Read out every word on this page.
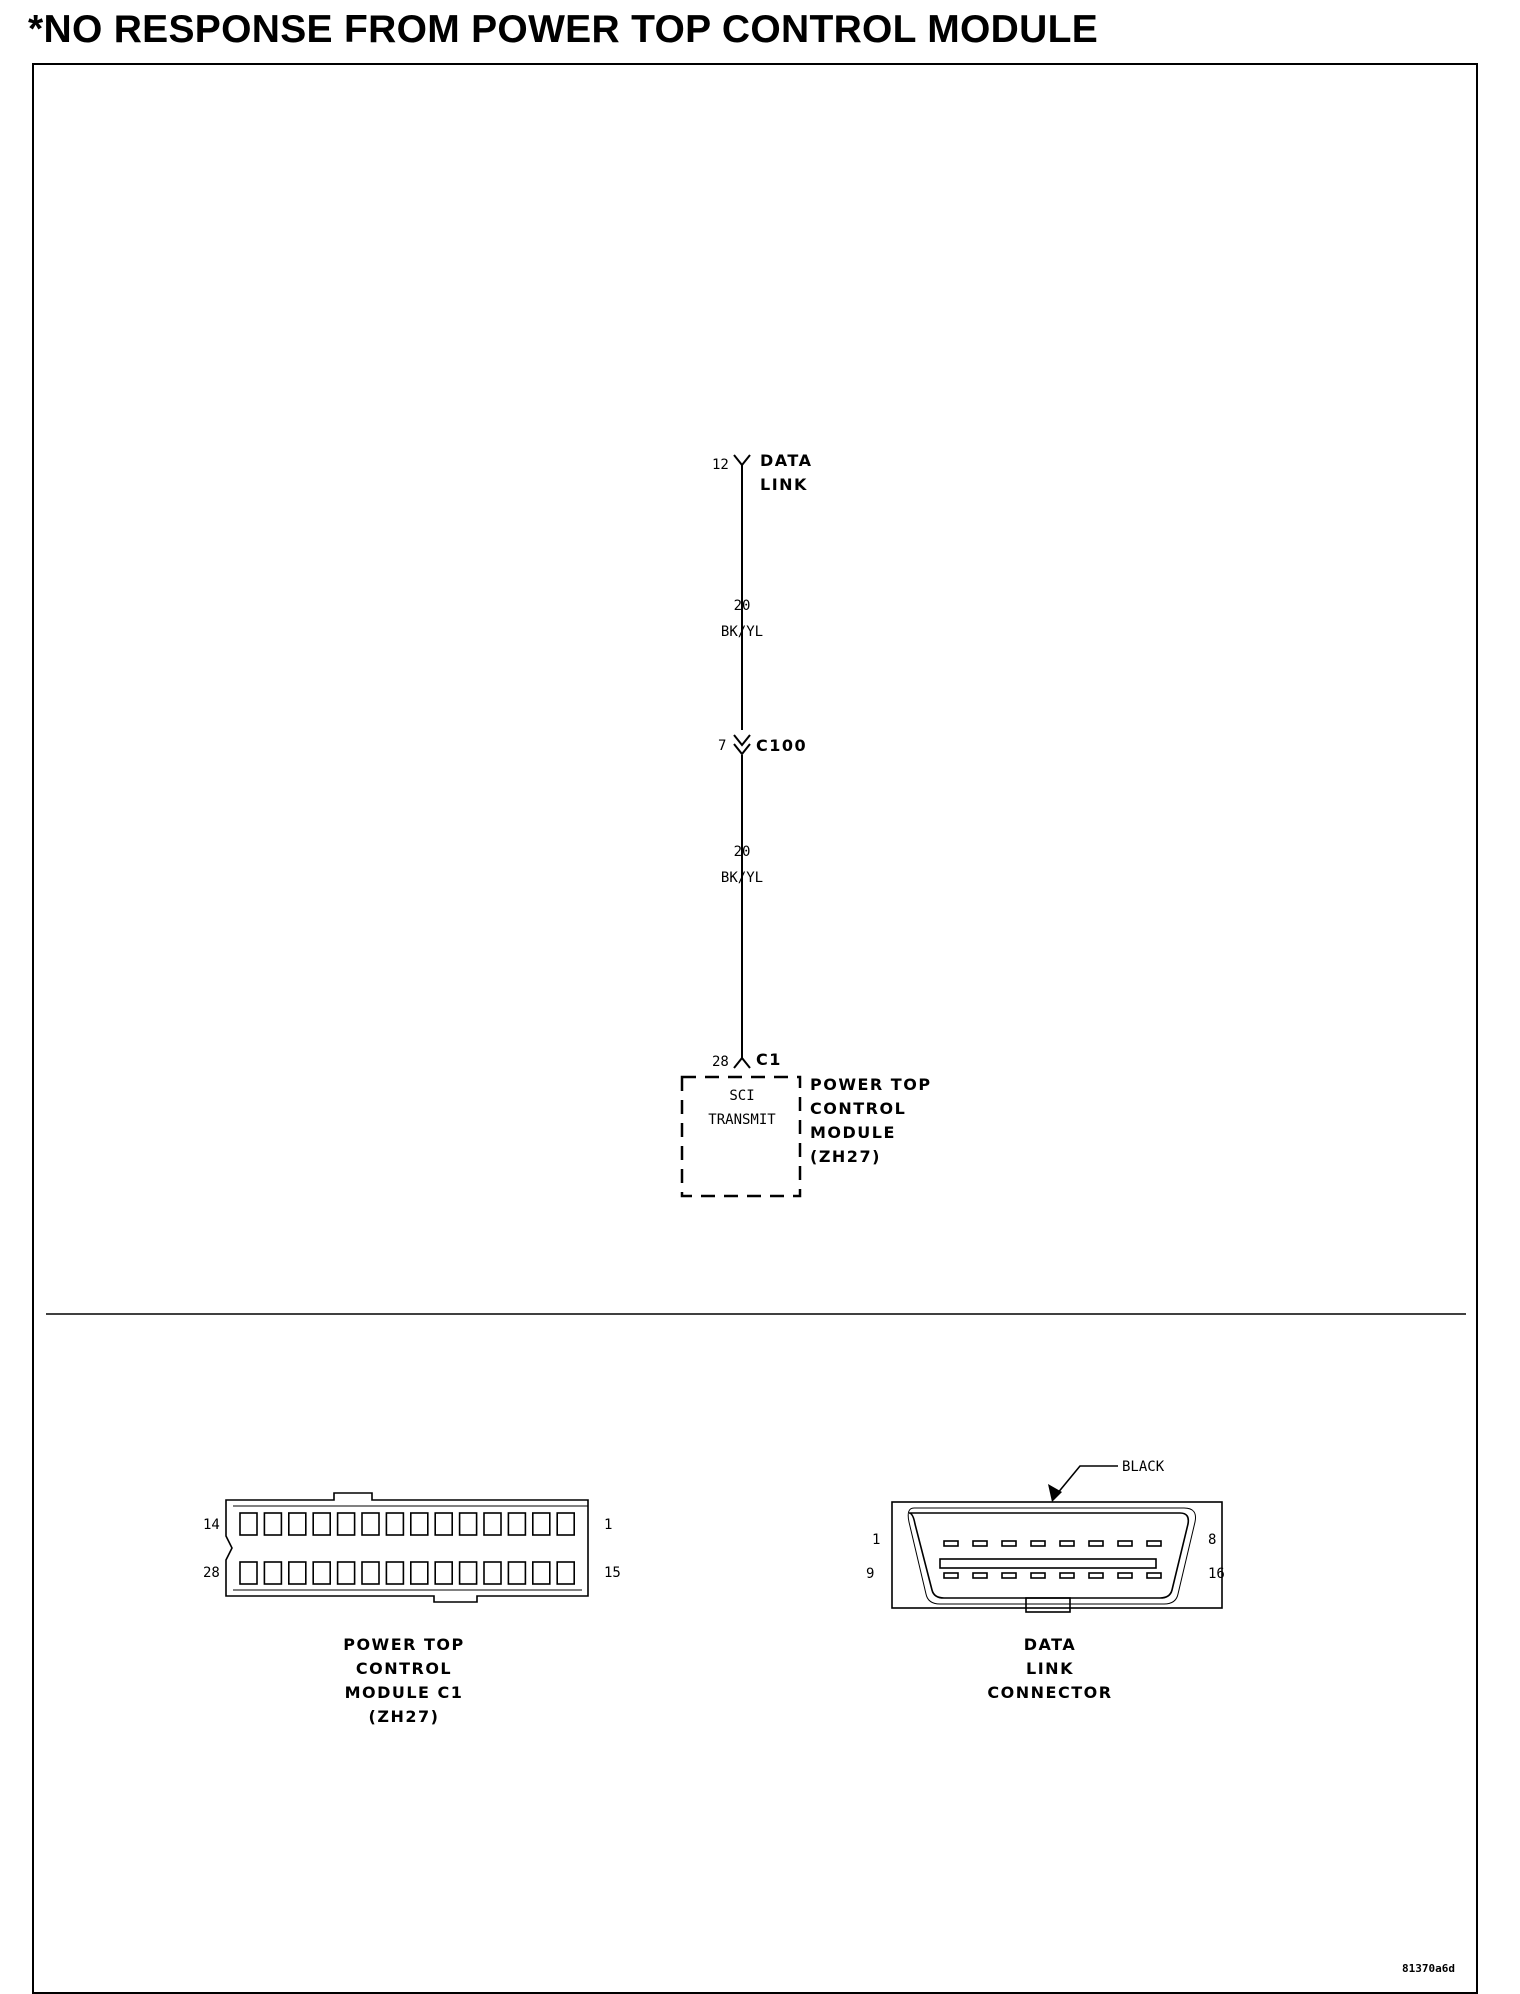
*NO RESPONSE FROM POWER TOP CONTROL MODULE
12 DATA
LINK
20
BK/YL
7 C100
20
BK/YL
28 C1
SCI
TRANSMIT
POWER TOP
CONTROL
MODULE
(ZH27)
14	1
28	15
POWER TOP
CONTROL
MODULE C1
(ZH27)
BLACK
1	8
9	16
DATA
LINK
CONNECTOR
81370a6d
